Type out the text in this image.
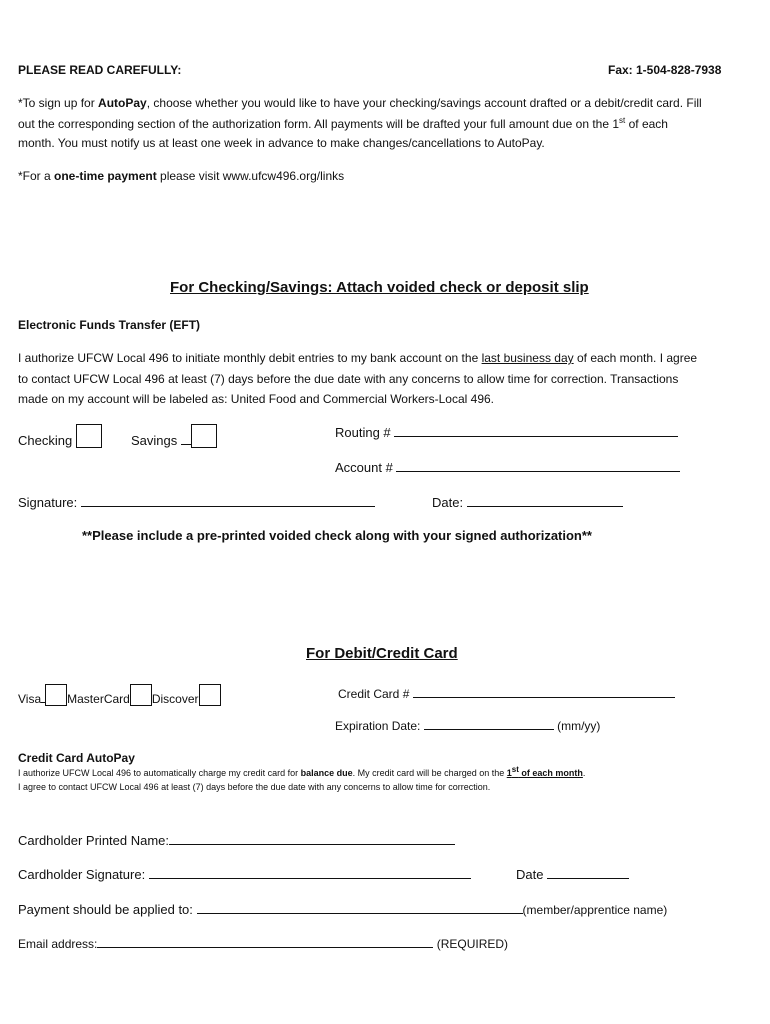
PLEASE READ CAREFULLY:	Fax: 1-504-828-7938
*To sign up for AutoPay, choose whether you would like to have your checking/savings account drafted or a debit/credit card. Fill
out the corresponding section of the authorization form. All payments will be drafted your full amount due on the 1st of each
month. You must notify us at least one week in advance to make changes/cancellations to AutoPay.
*For a one-time payment please visit www.ufcw496.org/links
For Checking/Savings: Attach voided check or deposit slip
Electronic Funds Transfer (EFT)
I authorize UFCW Local 496 to initiate monthly debit entries to my bank account on the last business day of each month. I agree
to contact UFCW Local 496 at least (7) days before the due date with any concerns to allow time for correction. Transactions
made on my account will be labeled as: United Food and Commercial Workers-Local 496.
Checking	Savings
Routing #
Account #
Signature:	Date:
**Please include a pre-printed voided check along with your signed authorization**
For Debit/Credit Card
Visa MasterCard Discover	Credit Card #
Expiration Date:	(mm/yy)
Credit Card AutoPay
I authorize UFCW Local 496 to automatically charge my credit card for balance due. My credit card will be charged on the 1st of each month.
I agree to contact UFCW Local 496 at least (7) days before the due date with any concerns to allow time for correction.
Cardholder Printed Name:
Cardholder Signature:	Date
Payment should be applied to:	(member/apprentice name)
Email address:	(REQUIRED)
